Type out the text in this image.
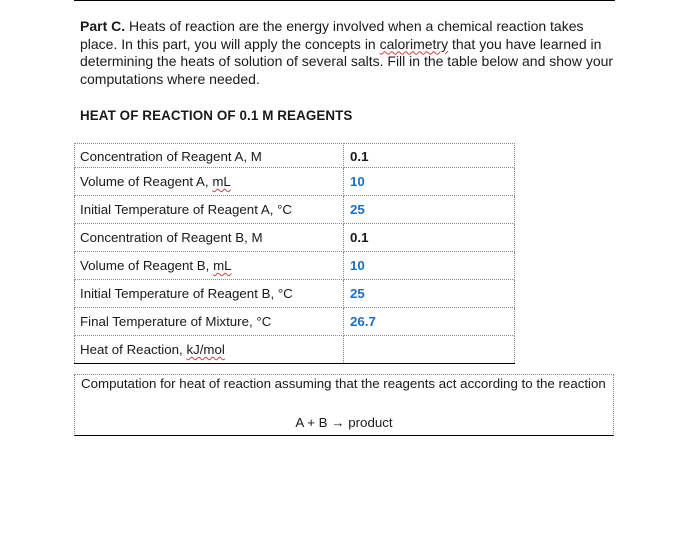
Part C. Heats of reaction are the energy involved when a chemical reaction takes place. In this part, you will apply the concepts in calorimetry that you have learned in determining the heats of solution of several salts. Fill in the table below and show your computations where needed.

HEAT OF REACTION OF 0.1 M REAGENTS
Concentration of Reagent A, M	0.1
Volume of Reagent A, mL	10
Initial Temperature of Reagent A, °C	25
Concentration of Reagent B, M	0.1
Volume of Reagent B, mL	10
Initial Temperature of Reagent B, °C	25
Final Temperature of Mixture, °C	26.7
Heat of Reaction, kJ/mol	
Computation for heat of reaction assuming that the reagents act according to the reaction
A + B → product
